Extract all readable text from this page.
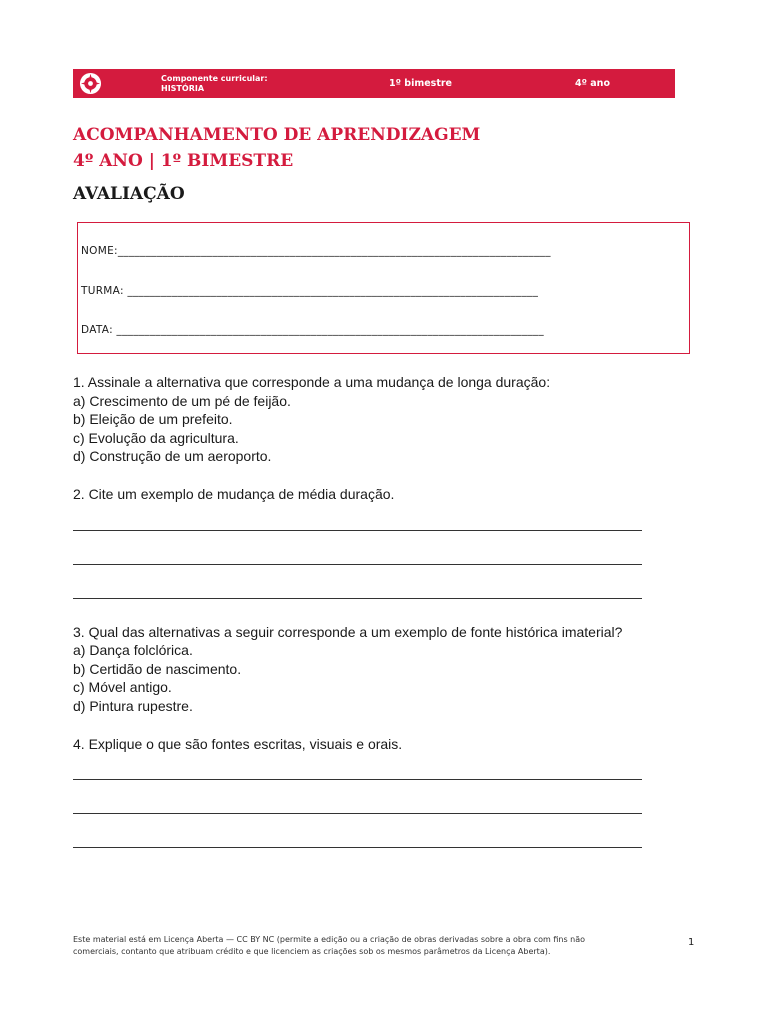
Componente curricular:
HISTÓRIA	1º bimestre	4º ano
ACOMPANHAMENTO DE APRENDIZAGEM
4º ANO | 1º BIMESTRE
AVALIAÇÃO
NOME:______________________________________________________________________________
TURMA: __________________________________________________________________________
DATA: _____________________________________________________________________________

1. Assinale a alternativa que corresponde a uma mudança de longa duração:

a) Crescimento de um pé de feijão.

b) Eleição de um prefeito.

c) Evolução da agricultura.

d) Construção de um aeroporto.

2. Cite um exemplo de mudança de média duração.

3. Qual das alternativas a seguir corresponde a um exemplo de fonte histórica imaterial?

a) Dança folclórica.

b) Certidão de nascimento.

c) Móvel antigo.

d) Pintura rupestre.

4. Explique o que são fontes escritas, visuais e orais.

Este material está em Licença Aberta — CC BY NC (permite a edição ou a criação de obras derivadas sobre a obra com fins não comerciais, contanto que atribuam crédito e que licenciem as criações sob os mesmos parâmetros da Licença Aberta).
1
